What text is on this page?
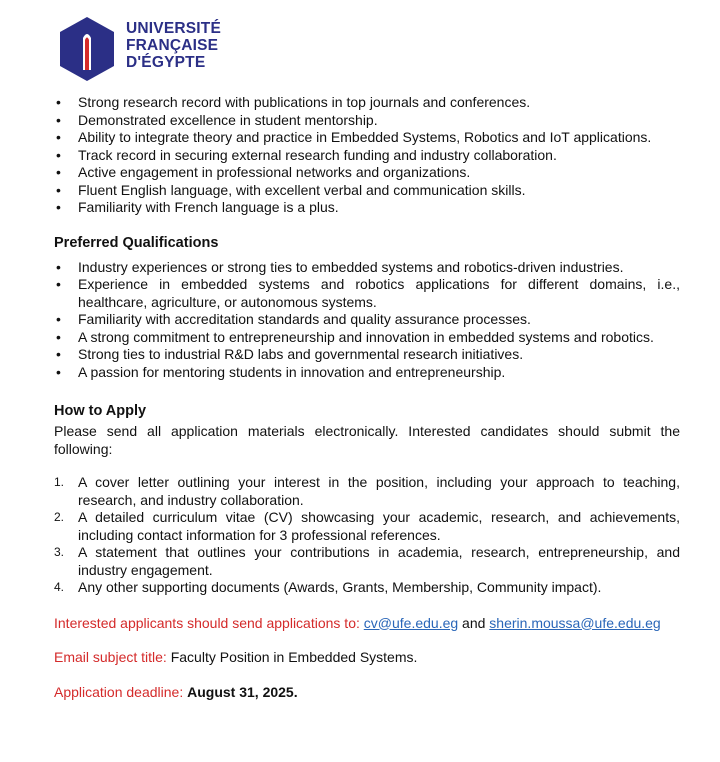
UNIVERSITÉ
FRANÇAISE
D'ÉGYPTE
• Strong research record with publications in top journals and conferences.
• Demonstrated excellence in student mentorship.
• Ability to integrate theory and practice in Embedded Systems, Robotics and IoT applications.
• Track record in securing external research funding and industry collaboration.
• Active engagement in professional networks and organizations.
• Fluent English language, with excellent verbal and communication skills.
• Familiarity with French language is a plus.
Preferred Qualifications
• Industry experiences or strong ties to embedded systems and robotics-driven industries.
• Experience in embedded systems and robotics applications for different domains, i.e., healthcare, agriculture, or autonomous systems.
• Familiarity with accreditation standards and quality assurance processes.
• A strong commitment to entrepreneurship and innovation in embedded systems and robotics.
• Strong ties to industrial R&D labs and governmental research initiatives.
• A passion for mentoring students in innovation and entrepreneurship.
How to Apply

Please send all application materials electronically. Interested candidates should submit the following:

1. A cover letter outlining your interest in the position, including your approach to teaching, research, and industry collaboration.
2. A detailed curriculum vitae (CV) showcasing your academic, research, and achievements, including contact information for 3 professional references.
3. A statement that outlines your contributions in academia, research, entrepreneurship, and industry engagement.
4. Any other supporting documents (Awards, Grants, Membership, Community impact).

Interested applicants should send applications to: cv@ufe.edu.eg and sherin.moussa@ufe.edu.eg

Email subject title: Faculty Position in Embedded Systems.

Application deadline: August 31, 2025.
